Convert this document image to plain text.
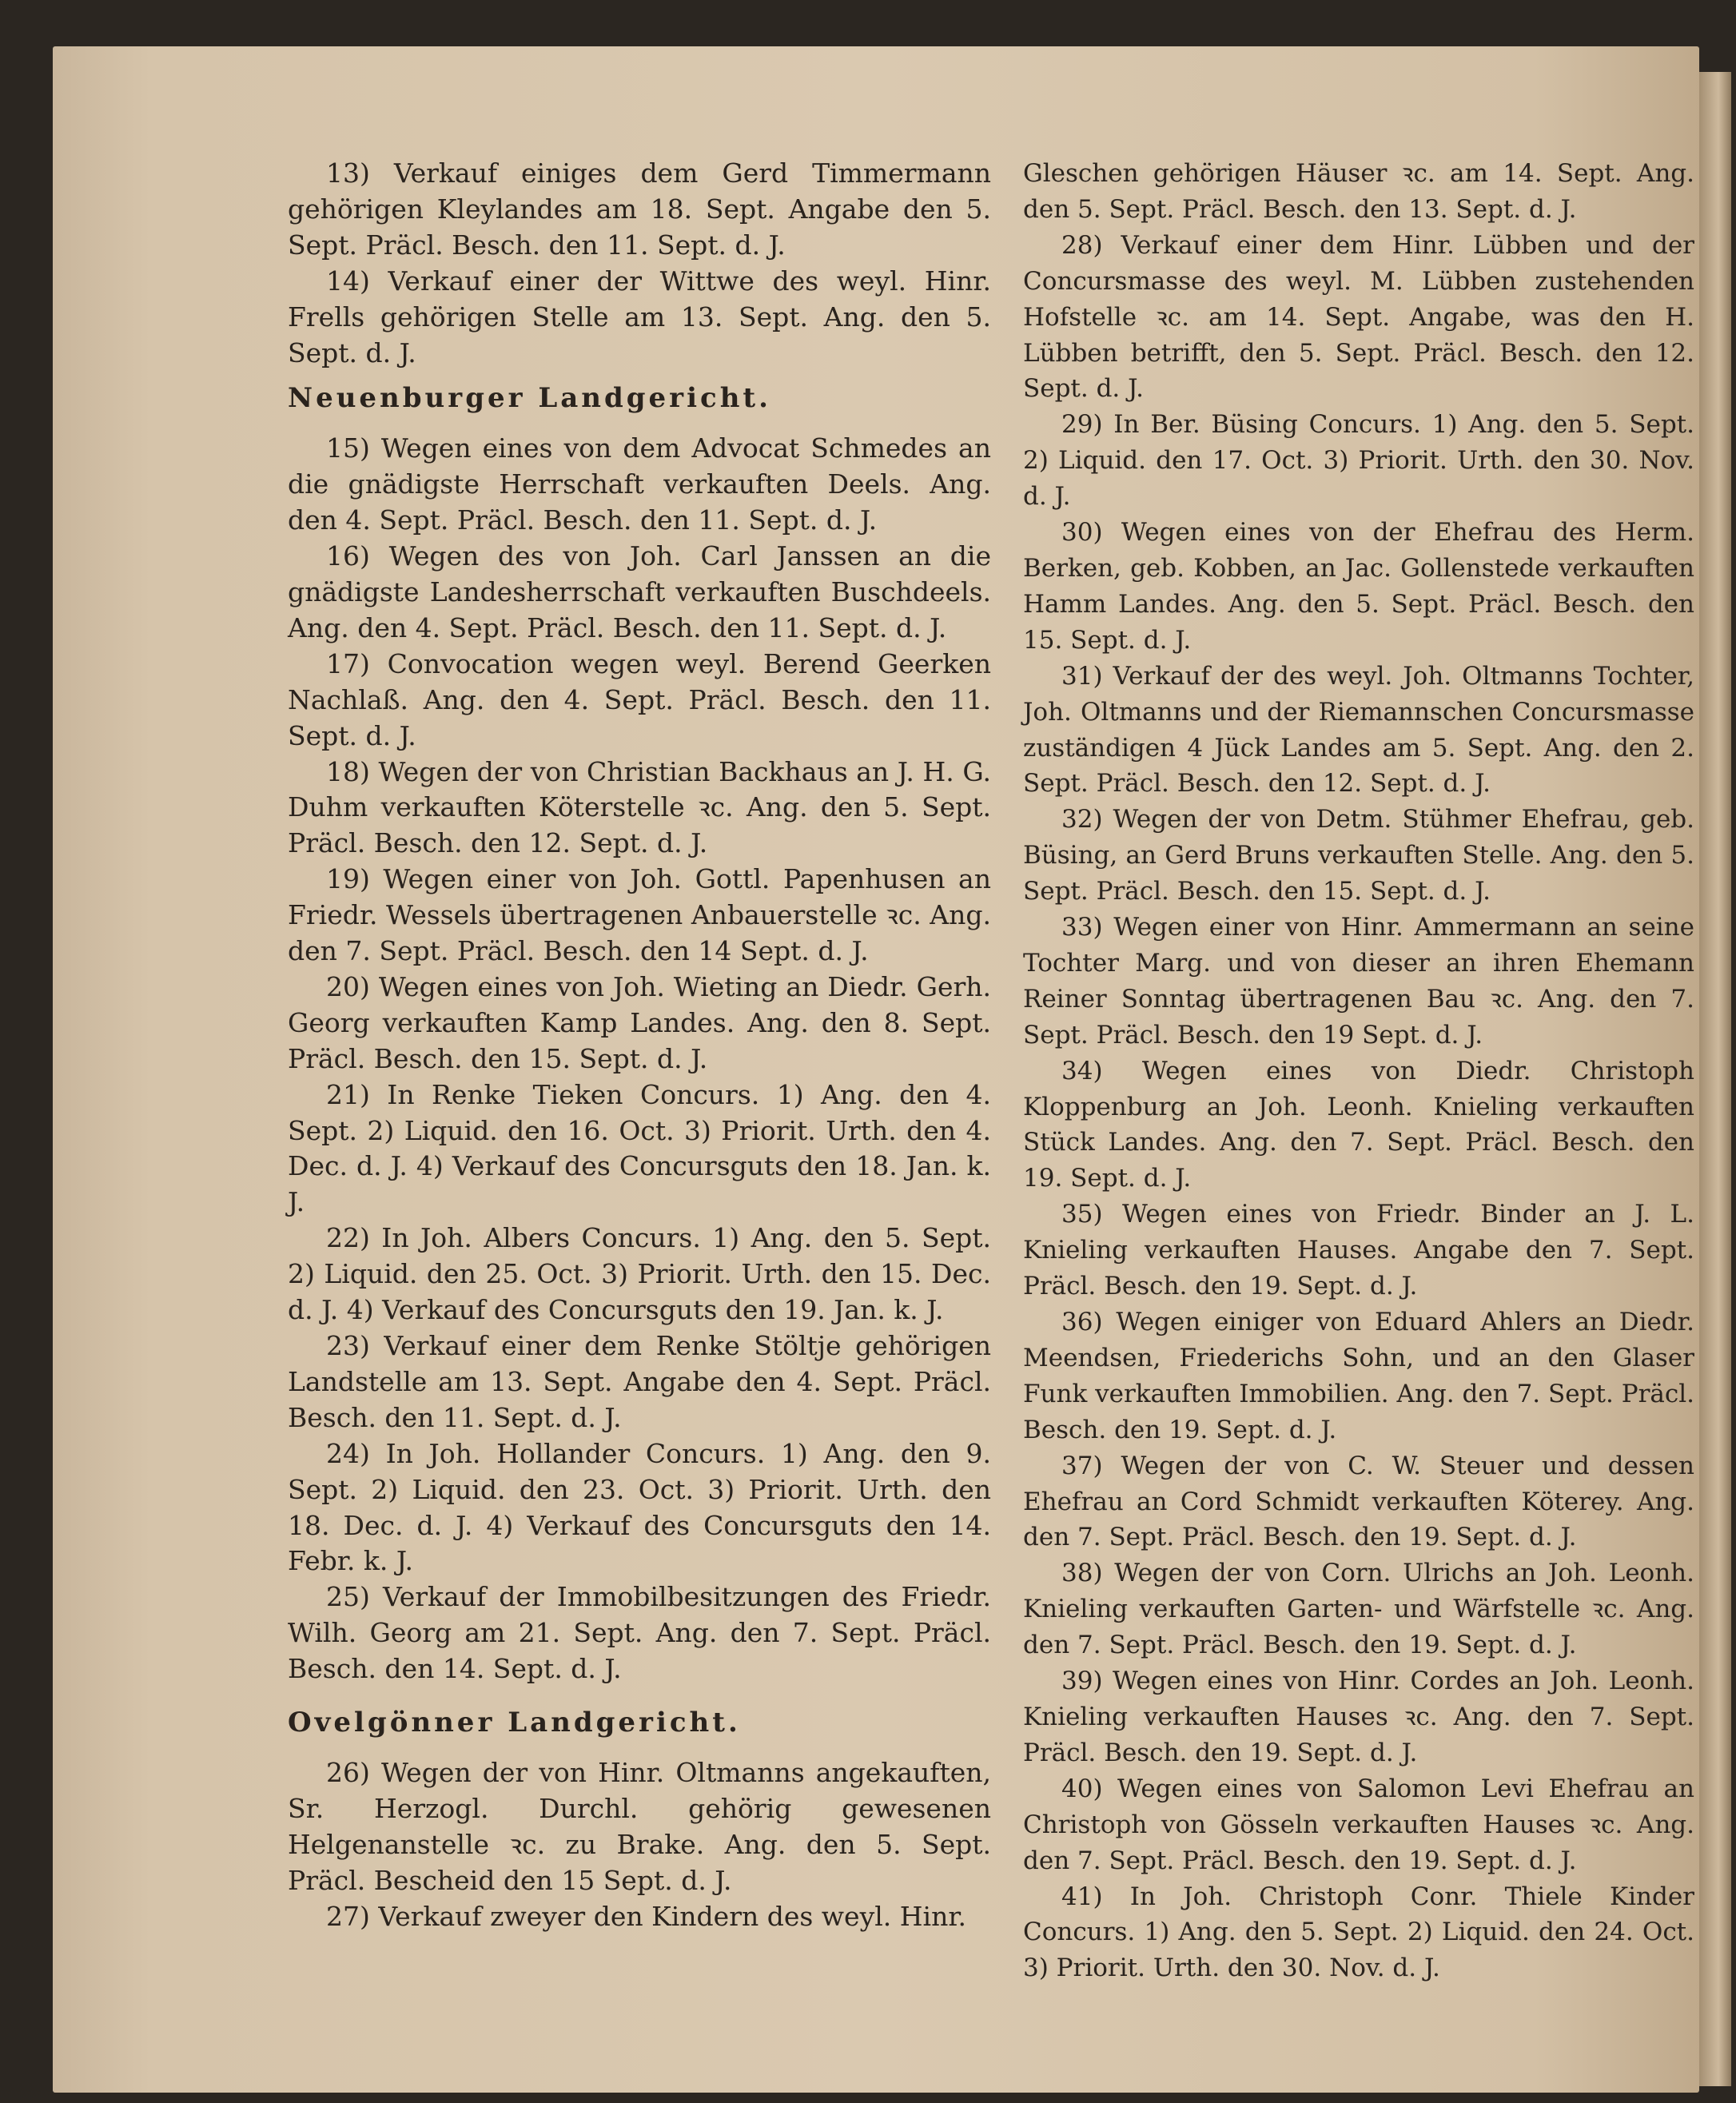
13) Verkauf einiges dem Gerd Timmermann gehörigen Kleylandes am 18. Sept. Angabe den 5. Sept. Präcl. Besch. den 11. Sept. d. J.

14) Verkauf einer der Wittwe des weyl. Hinr. Frells gehörigen Stelle am 13. Sept. Ang. den 5. Sept. d. J.

Neuenburger Landgericht.

15) Wegen eines von dem Advocat Schmedes an die gnädigste Herrschaft verkauften Deels. Ang. den 4. Sept. Präcl. Besch. den 11. Sept. d. J.

16) Wegen des von Joh. Carl Janssen an die gnädigste Landesherrschaft verkauften Buschdeels. Ang. den 4. Sept. Präcl. Besch. den 11. Sept. d. J.

17) Convocation wegen weyl. Berend Geerken Nachlaß. Ang. den 4. Sept. Präcl. Besch. den 11. Sept. d. J.

18) Wegen der von Christian Backhaus an J. H. G. Duhm verkauften Köterstelle ꝛc. Ang. den 5. Sept. Präcl. Besch. den 12. Sept. d. J.

19) Wegen einer von Joh. Gottl. Papenhusen an Friedr. Wessels übertragenen Anbauerstelle ꝛc. Ang. den 7. Sept. Präcl. Besch. den 14 Sept. d. J.

20) Wegen eines von Joh. Wieting an Diedr. Gerh. Georg verkauften Kamp Landes. Ang. den 8. Sept. Präcl. Besch. den 15. Sept. d. J.

21) In Renke Tieken Concurs. 1) Ang. den 4. Sept. 2) Liquid. den 16. Oct. 3) Priorit. Urth. den 4. Dec. d. J. 4) Verkauf des Concursguts den 18. Jan. k. J.

22) In Joh. Albers Concurs. 1) Ang. den 5. Sept. 2) Liquid. den 25. Oct. 3) Priorit. Urth. den 15. Dec. d. J. 4) Verkauf des Concursguts den 19. Jan. k. J.

23) Verkauf einer dem Renke Stöltje gehörigen Landstelle am 13. Sept. Angabe den 4. Sept. Präcl. Besch. den 11. Sept. d. J.

24) In Joh. Hollander Concurs. 1) Ang. den 9. Sept. 2) Liquid. den 23. Oct. 3) Priorit. Urth. den 18. Dec. d. J. 4) Verkauf des Concursguts den 14. Febr. k. J.

25) Verkauf der Immobilbesitzungen des Friedr. Wilh. Georg am 21. Sept. Ang. den 7. Sept. Präcl. Besch. den 14. Sept. d. J.

Ovelgönner Landgericht.

26) Wegen der von Hinr. Oltmanns angekauften, Sr. Herzogl. Durchl. gehörig gewesenen Helgenanstelle ꝛc. zu Brake. Ang. den 5. Sept. Präcl. Bescheid den 15 Sept. d. J.

27) Verkauf zweyer den Kindern des weyl. Hinr.

Gleschen gehörigen Häuser ꝛc. am 14. Sept. Ang. den 5. Sept. Präcl. Besch. den 13. Sept. d. J.

28) Verkauf einer dem Hinr. Lübben und der Concursmasse des weyl. M. Lübben zustehenden Hofstelle ꝛc. am 14. Sept. Angabe, was den H. Lübben betrifft, den 5. Sept. Präcl. Besch. den 12. Sept. d. J.

29) In Ber. Büsing Concurs. 1) Ang. den 5. Sept. 2) Liquid. den 17. Oct. 3) Priorit. Urth. den 30. Nov. d. J.

30) Wegen eines von der Ehefrau des Herm. Berken, geb. Kobben, an Jac. Gollenstede verkauften Hamm Landes. Ang. den 5. Sept. Präcl. Besch. den 15. Sept. d. J.

31) Verkauf der des weyl. Joh. Oltmanns Tochter, Joh. Oltmanns und der Riemannschen Concursmasse zuständigen 4 Jück Landes am 5. Sept. Ang. den 2. Sept. Präcl. Besch. den 12. Sept. d. J.

32) Wegen der von Detm. Stühmer Ehefrau, geb. Büsing, an Gerd Bruns verkauften Stelle. Ang. den 5. Sept. Präcl. Besch. den 15. Sept. d. J.

33) Wegen einer von Hinr. Ammermann an seine Tochter Marg. und von dieser an ihren Ehemann Reiner Sonntag übertragenen Bau ꝛc. Ang. den 7. Sept. Präcl. Besch. den 19 Sept. d. J.

34) Wegen eines von Diedr. Christoph Kloppenburg an Joh. Leonh. Knieling verkauften Stück Landes. Ang. den 7. Sept. Präcl. Besch. den 19. Sept. d. J.

35) Wegen eines von Friedr. Binder an J. L. Knieling verkauften Hauses. Angabe den 7. Sept. Präcl. Besch. den 19. Sept. d. J.

36) Wegen einiger von Eduard Ahlers an Diedr. Meendsen, Friederichs Sohn, und an den Glaser Funk verkauften Immobilien. Ang. den 7. Sept. Präcl. Besch. den 19. Sept. d. J.

37) Wegen der von C. W. Steuer und dessen Ehefrau an Cord Schmidt verkauften Köterey. Ang. den 7. Sept. Präcl. Besch. den 19. Sept. d. J.

38) Wegen der von Corn. Ulrichs an Joh. Leonh. Knieling verkauften Garten- und Wärfstelle ꝛc. Ang. den 7. Sept. Präcl. Besch. den 19. Sept. d. J.

39) Wegen eines von Hinr. Cordes an Joh. Leonh. Knieling verkauften Hauses ꝛc. Ang. den 7. Sept. Präcl. Besch. den 19. Sept. d. J.

40) Wegen eines von Salomon Levi Ehefrau an Christoph von Gösseln verkauften Hauses ꝛc. Ang. den 7. Sept. Präcl. Besch. den 19. Sept. d. J.

41) In Joh. Christoph Conr. Thiele Kinder Concurs. 1) Ang. den 5. Sept. 2) Liquid. den 24. Oct. 3) Priorit. Urth. den 30. Nov. d. J.
